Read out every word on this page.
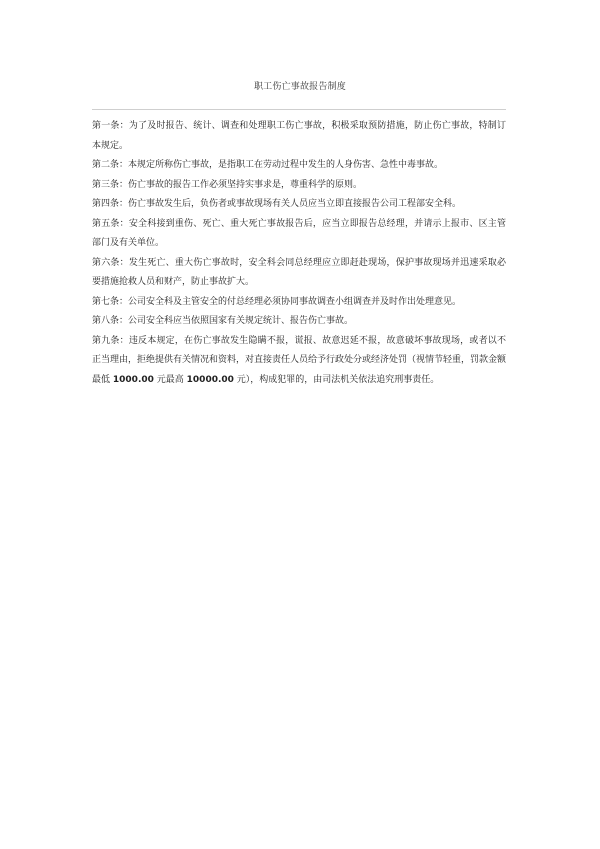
职工伤亡事故报告制度

第一条：为了及时报告、统计、调查和处理职工伤亡事故，积极采取预防措施，防止伤亡事故，特制订本规定。

第二条：本规定所称伤亡事故，是指职工在劳动过程中发生的人身伤害、急性中毒事故。

第三条：伤亡事故的报告工作必须坚持实事求是，尊重科学的原则。

第四条：伤亡事故发生后，负伤者或事故现场有关人员应当立即直接报告公司工程部安全科。

第五条：安全科接到重伤、死亡、重大死亡事故报告后，应当立即报告总经理，并请示上报市、区主管部门及有关单位。

第六条：发生死亡、重大伤亡事故时，安全科会同总经理应立即赶赴现场，保护事故现场并迅速采取必要措施抢救人员和财产，防止事故扩大。

第七条：公司安全科及主管安全的付总经理必须协同事故调查小组调查并及时作出处理意见。

第八条：公司安全科应当依照国家有关规定统计、报告伤亡事故。

第九条：违反本规定，在伤亡事故发生隐瞒不报，谎报、故意迟延不报，故意破坏事故现场，或者以不正当理由，拒绝提供有关情况和资料，对直接责任人员给予行政处分或经济处罚（视情节轻重，罚款金额最低 1000.00 元最高 10000.00 元），构成犯罪的，由司法机关依法追究刑事责任。
